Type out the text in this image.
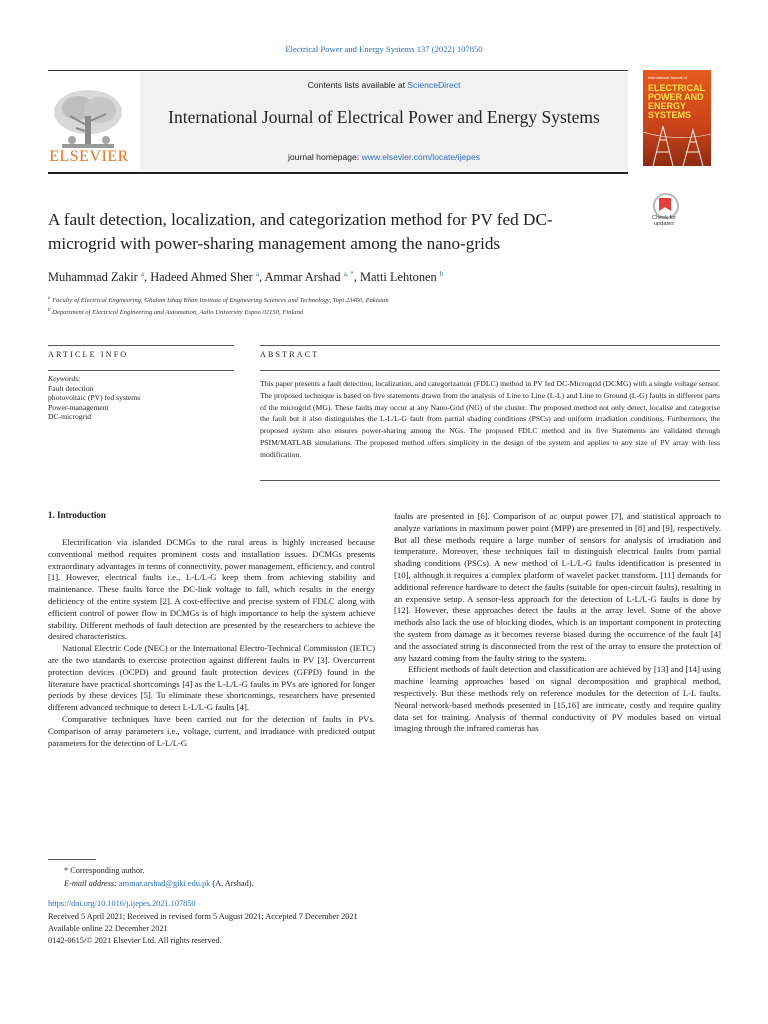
Electrical Power and Energy Systems 137 (2022) 107850
Contents lists available at ScienceDirect
International Journal of Electrical Power and Energy Systems
journal homepage: www.elsevier.com/locate/ijepes
ELSEVIER
International Journal of
ELECTRICAL POWER AND ENERGY SYSTEMS
A fault detection, localization, and categorization method for PV fed DC-microgrid with power-sharing management among the nano-grids
Check for updates
Muhammad Zakir $^a$, Hadeed Ahmed Sher $^a$, Ammar Arshad $^{a, *}$, Matti Lehtonen $^b$
$^a$ Faculty of Electrical Engineering, Ghulam Ishaq Khan Institute of Engineering Sciences and Technology, Topi 23460, Pakistan
$^b$ Department of Electrical Engineering and Automation, Aalto University Espoo 02150, Finland
ARTICLE INFO	ABSTRACT
Keywords:
Fault detection
photovoltaic (PV) fed systems
Power-management
DC-microgrid
This paper presents a fault detection, localization, and categorization (FDLC) method in PV fed DC-Microgrid (DCMG) with a single voltage sensor. The proposed technique is based on five statements drawn from the analysis of Line to Line (L-L) and Line to Ground (L-G) faults in different parts of the microgrid (MG). These faults may occur at any Nano-Grid (NG) of the cluster. The proposed method not only detect, localise and categorise the fault but it also distinguishes the L-L/L-G fault from partial shading conditions (PSCs) and uniform irradiation conditions. Furthermore, the proposed system also ensures power-sharing among the NGs. The proposed FDLC method and its five Statements are validated through PSIM/MATLAB simulations. The proposed method offers simplicity in the design of the system and applies to any size of PV array with less modification.
1. Introduction

Electrification via islanded DCMGs to the rural areas is highly increased because conventional method requires prominent costs and installation issues. DCMGs presents extraordinary advantages in terms of connectivity, power management, efficiency, and control [1]. However, electrical faults i.e., L-L/L-G keep them from achieving stability and maintenance. These faults force the DC-link voltage to fall, which results in the energy deficiency of the entire system [2]. A cost-effective and precise system of FDLC along with efficient control of power flow in DCMGs is of high importance to help the system achieve stability. Different methods of fault detection are presented by the researchers to achieve the desired characteristics.

National Electric Code (NEC) or the International Electro-Technical Commission (IETC) are the two standards to exercise protection against different faults in PV [3]. Overcurrent protection devices (OCPD) and ground fault protection devices (GFPD) found in the literature have practical shortcomings [4] as the L-L/L-G faults in PVs are ignored for longer periods by these devices [5]. To eliminate these shortcomings, researchers have presented different advanced technique to detect L-L/L-G faults [4].

Comparative techniques have been carried out for the detection of faults in PVs. Comparison of array parameters i.e., voltage, current, and irradiance with predicted output parameters for the detection of L-L/L-G

faults are presented in [6]. Comparison of ac output power [7], and statistical approach to analyze variations in maximum power point (MPP) are presented in [8] and [9], respectively. But all these methods require a large number of sensors for analysis of irradiation and temperature. Moreover, these techniques fail to distinguish electrical faults from partial shading conditions (PSCs). A new method of L-L/L-G faults identification is presented in [10], although it requires a complex platform of wavelet packet transform. [11] demands for additional reference hardware to detect the faults (suitable for open-circuit faults), resulting in an expensive setup. A sensor-less approach for the detection of L-L/L-G faults is done by [12]. However, these approaches detect the faults at the array level. Some of the above methods also lack the use of blocking diodes, which is an important component in protecting the system from damage as it becomes reverse biased during the occurrence of the fault [4] and the associated string is disconnected from the rest of the array to ensure the protection of any hazard coming from the faulty string to the system.

Efficient methods of fault detection and classification are achieved by [13] and [14] using machine learning approaches based on signal decomposition and graphical method, respectively. But these methods rely on reference modules for the detection of L-L faults. Neural network-based methods presented in [15,16] are intricate, costly and require quality data set for training. Analysis of thermal conductivity of PV modules based on virtual imaging through the infrared cameras has

* Corresponding author.
E-mail address: ammar.arshad@giki.edu.pk (A. Arshad).
https://doi.org/10.1016/j.ijepes.2021.107850
Received 5 April 2021; Received in revised form 5 August 2021; Accepted 7 December 2021
Available online 22 December 2021
0142-0615/© 2021 Elsevier Ltd. All rights reserved.
